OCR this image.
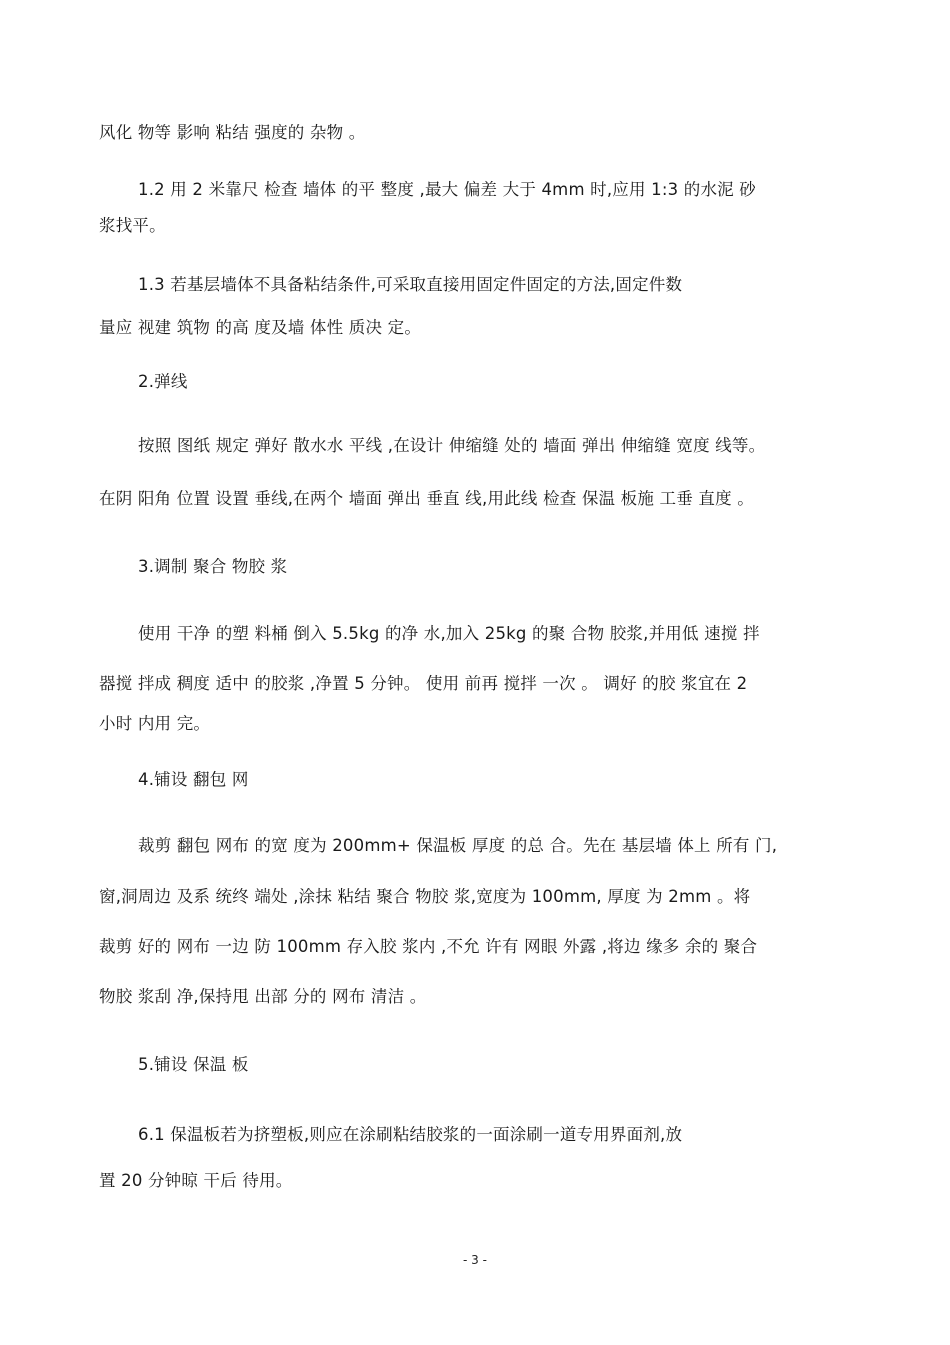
风化 物等 影响 粘结 强度的 杂物 。
1.2 用 2 米靠尺 检查 墙体 的平 整度 ,最大 偏差 大于 4mm 时,应用 1:3 的水泥 砂
浆找平。
1.3 若基层墙体不具备粘结条件,可采取直接用固定件固定的方法,固定件数
量应 视建 筑物 的高 度及墙 体性 质决 定。
2.弹线
按照 图纸 规定 弹好 散水水 平线 ,在设计 伸缩缝 处的 墙面 弹出 伸缩缝 宽度 线等。
在阴 阳角 位置 设置 垂线,在两个 墙面 弹出 垂直 线,用此线 检查 保温 板施 工垂 直度 。
3.调制 聚合 物胶 浆
使用 干净 的塑 料桶 倒入 5.5kg 的净 水,加入 25kg 的聚 合物 胶浆,并用低 速搅 拌
器搅 拌成 稠度 适中 的胶浆 ,净置 5 分钟。 使用 前再 搅拌 一次 。 调好 的胶 浆宜在 2
小时 内用 完。
4.铺设 翻包 网
裁剪 翻包 网布 的宽 度为 200mm+ 保温板 厚度 的总 合。先在 基层墙 体上 所有 门,
窗,洞周边 及系 统终 端处 ,涂抹 粘结 聚合 物胶 浆,宽度为 100mm, 厚度 为 2mm 。将
裁剪 好的 网布 一边 防 100mm 存入胶 浆内 ,不允 许有 网眼 外露 ,将边 缘多 余的 聚合
物胶 浆刮 净,保持甩 出部 分的 网布 清洁 。
5.铺设 保温 板
6.1 保温板若为挤塑板,则应在涂刷粘结胶浆的一面涂刷一道专用界面剂,放
置 20 分钟晾 干后 待用。
- 3 -
